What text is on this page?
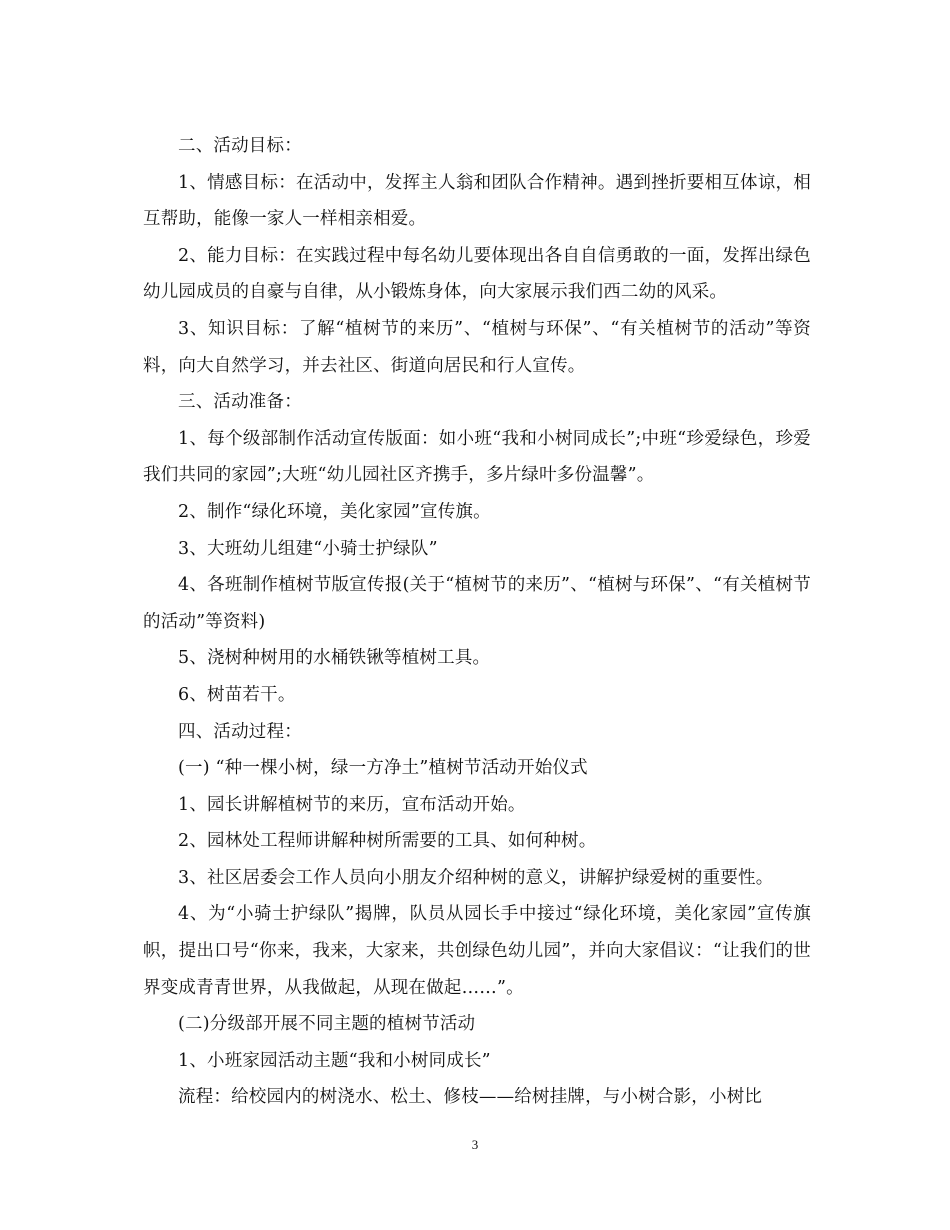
二、活动目标：

1、情感目标：在活动中，发挥主人翁和团队合作精神。遇到挫折要相互体谅，相互帮助，能像一家人一样相亲相爱。

2、能力目标：在实践过程中每名幼儿要体现出各自自信勇敢的一面，发挥出绿色幼儿园成员的自豪与自律，从小锻炼身体，向大家展示我们西二幼的风采。

3、知识目标：了解“植树节的来历”、“植树与环保”、“有关植树节的活动”等资料，向大自然学习，并去社区、街道向居民和行人宣传。

三、活动准备：

1、每个级部制作活动宣传版面：如小班“我和小树同成长”;中班“珍爱绿色，珍爱我们共同的家园”;大班“幼儿园社区齐携手，多片绿叶多份温馨”。

2、制作“绿化环境，美化家园”宣传旗。

3、大班幼儿组建“小骑士护绿队”

4、各班制作植树节版宣传报(关于“植树节的来历”、“植树与环保”、“有关植树节的活动”等资料)

5、浇树种树用的水桶铁锹等植树工具。

6、树苗若干。

四、活动过程：

(一) “种一棵小树，绿一方净土”植树节活动开始仪式

1、园长讲解植树节的来历，宣布活动开始。

2、园林处工程师讲解种树所需要的工具、如何种树。

3、社区居委会工作人员向小朋友介绍种树的意义，讲解护绿爱树的重要性。

4、为“小骑士护绿队”揭牌，队员从园长手中接过“绿化环境，美化家园”宣传旗帜，提出口号“你来，我来，大家来，共创绿色幼儿园”，并向大家倡议：“让我们的世界变成青青世界，从我做起，从现在做起……”。

(二)分级部开展不同主题的植树节活动

1、小班家园活动主题“我和小树同成长”

流程：给校园内的树浇水、松土、修枝——给树挂牌，与小树合影，小树比

3
